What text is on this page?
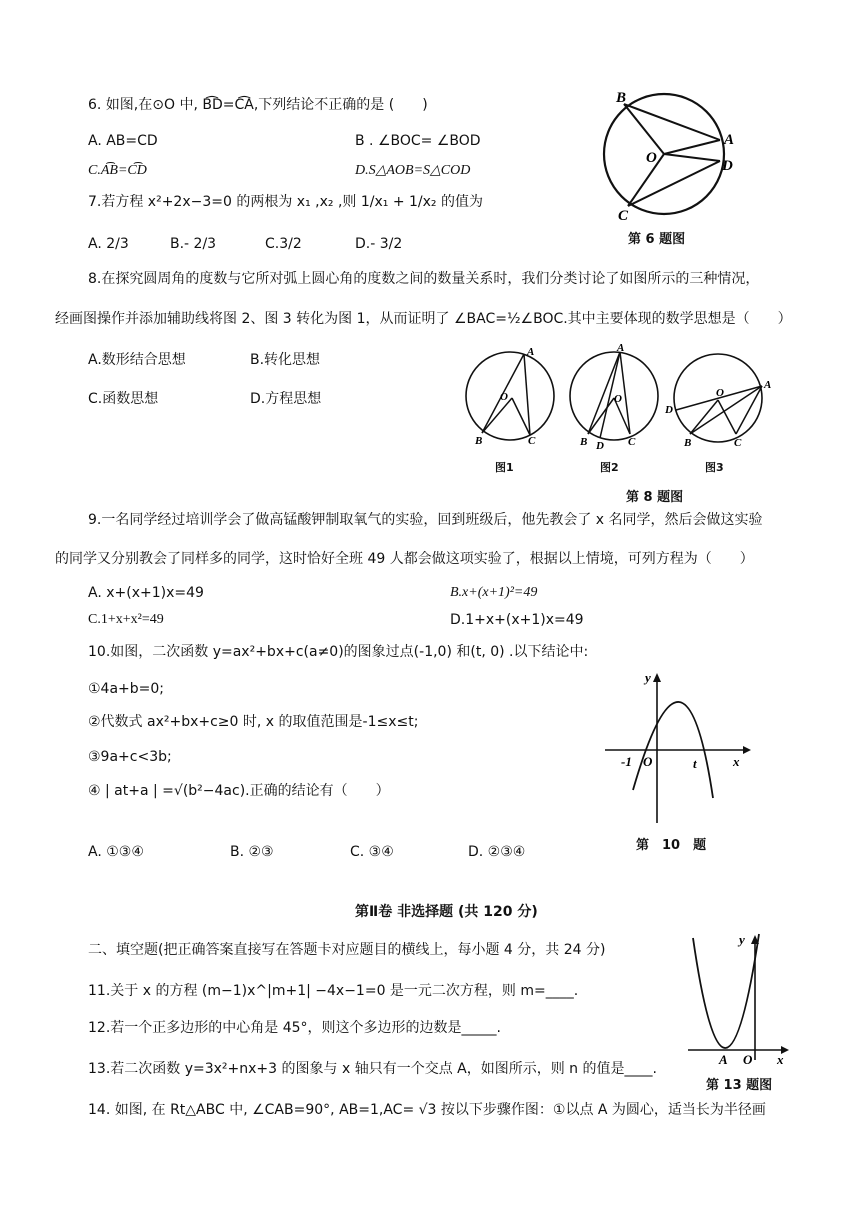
6. 如图,在⊙O 中, B͡D=C͡A,下列结论不正确的是 (　　)
A. AB=CD	B . ∠BOC= ∠BOD
C.A͡B=C͡D	D.S△AOB=S△COD
B
A
O	D
C
第 6 题图
7.若方程 x²+2x−3=0 的两根为 x₁ ,x₂ ,则 1/x₁ + 1/x₂ 的值为
A. 2/3	B.- 2/3	C.3/2	D.- 3/2
8.在探究圆周角的度数与它所对弧上圆心角的度数之间的数量关系时，我们分类讨论了如图所示的三种情况，
经画图操作并添加辅助线将图 2、图 3 转化为图 1，从而证明了 ∠BAC=½∠BOC.其中主要体现的数学思想是（　　）
A.数形结合思想	B.转化思想
C.函数思想	D.方程思想
A
O
B	C
A
O
B D C
A
O
D
B	C
图1	图2	图3
第 8 题图
9.一名同学经过培训学会了做高锰酸钾制取氧气的实验，回到班级后，他先教会了 x 名同学，然后会做这实验
的同学又分别教会了同样多的同学，这时恰好全班 49 人都会做这项实验了，根据以上情境，可列方程为（　　）
A. x+(x+1)x=49	B.x+(x+1)²=49
C.1+x+x²=49	D.1+x+(x+1)x=49
10.如图，二次函数 y=ax²+bx+c(a≠0)的图象过点(-1,0) 和(t, 0) .以下结论中:
①4a+b=0;
②代数式 ax²+bx+c≥0 时, x 的取值范围是-1≤x≤t;
③9a+c<3b;
④ | at+a | =√(b²−4ac).正确的结论有（　　）
A. ①③④	B. ②③	C. ③④	D. ②③④
y
x
-1 O	t
第　10　题
第Ⅱ卷 非选择题 (共 120 分)
二、填空题(把正确答案直接写在答题卡对应题目的横线上，每小题 4 分，共 24 分)
11.关于 x 的方程 (m−1)x^|m+1| −4x−1=0 是一元二次方程，则 m=____.
12.若一个正多边形的中心角是 45°，则这个多边形的边数是_____.
13.若二次函数 y=3x²+nx+3 的图象与 x 轴只有一个交点 A，如图所示，则 n 的值是____.
14. 如图, 在 Rt△ABC 中, ∠CAB=90°, AB=1,AC= √3 按以下步骤作图：①以点 A 为圆心，适当长为半径画
y
A O x
第 13 题图
